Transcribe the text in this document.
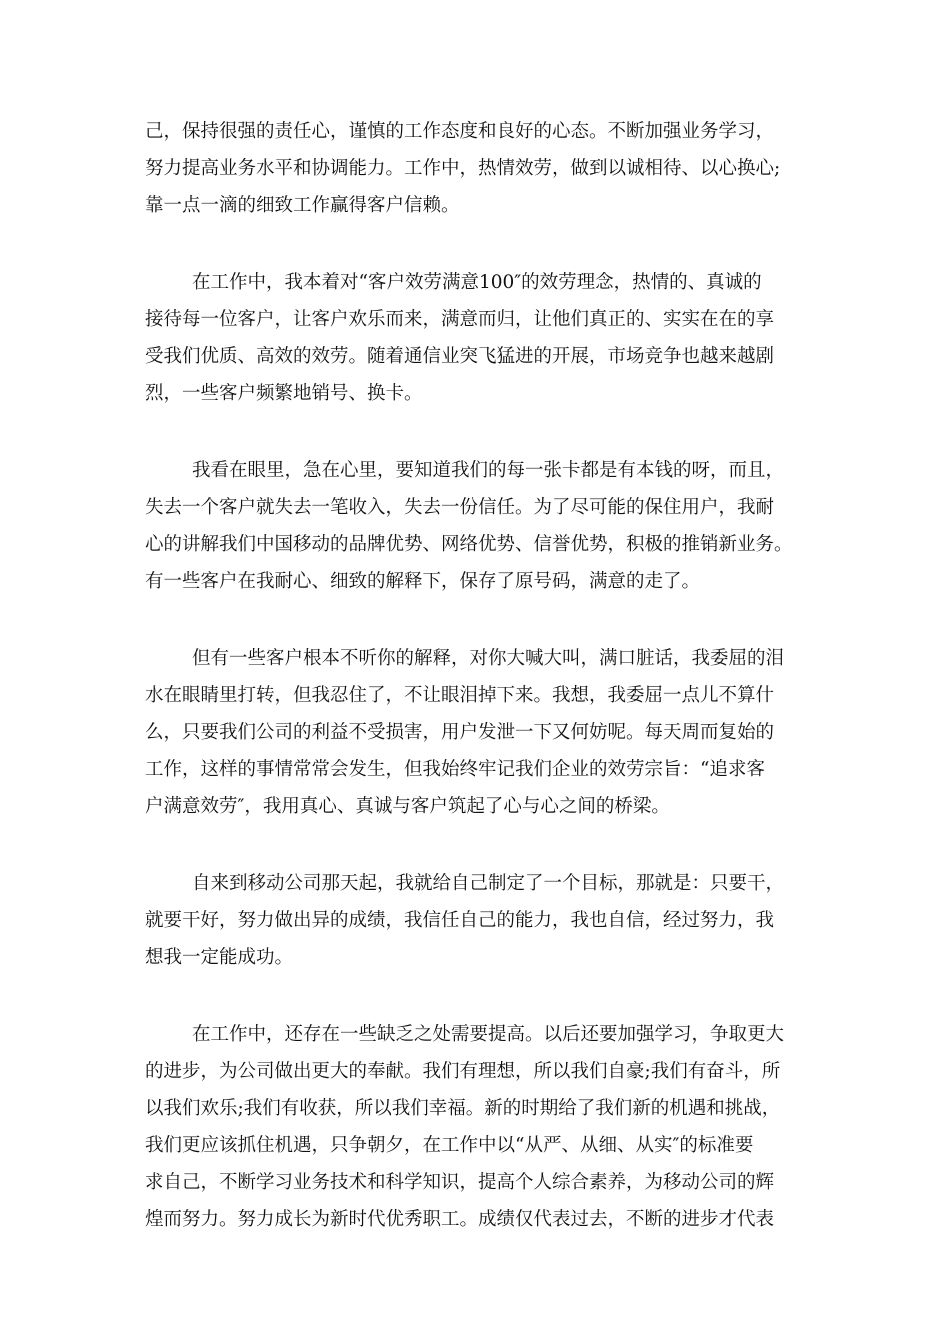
己，保持很强的责任心，谨慎的工作态度和良好的心态。不断加强业务学习，
努力提高业务水平和协调能力。工作中，热情效劳，做到以诚相待、以心换心;
靠一点一滴的细致工作赢得客户信赖。
在工作中，我本着对“客户效劳满意100″的效劳理念，热情的、真诚的
接待每一位客户，让客户欢乐而来，满意而归，让他们真正的、实实在在的享
受我们优质、高效的效劳。随着通信业突飞猛进的开展，市场竞争也越来越剧
烈，一些客户频繁地销号、换卡。
我看在眼里，急在心里，要知道我们的每一张卡都是有本钱的呀，而且，
失去一个客户就失去一笔收入，失去一份信任。为了尽可能的保住用户，我耐
心的讲解我们中国移动的品牌优势、网络优势、信誉优势，积极的推销新业务。
有一些客户在我耐心、细致的解释下，保存了原号码，满意的走了。
但有一些客户根本不听你的解释，对你大喊大叫，满口脏话，我委屈的泪
水在眼睛里打转，但我忍住了，不让眼泪掉下来。我想，我委屈一点儿不算什
么，只要我们公司的利益不受损害，用户发泄一下又何妨呢。每天周而复始的
工作，这样的事情常常会发生，但我始终牢记我们企业的效劳宗旨：“追求客
户满意效劳″，我用真心、真诚与客户筑起了心与心之间的桥梁。
自来到移动公司那天起，我就给自己制定了一个目标，那就是：只要干，
就要干好，努力做出异的成绩，我信任自己的能力，我也自信，经过努力，我
想我一定能成功。
在工作中，还存在一些缺乏之处需要提高。以后还要加强学习，争取更大
的进步，为公司做出更大的奉献。我们有理想，所以我们自豪;我们有奋斗，所
以我们欢乐;我们有收获，所以我们幸福。新的时期给了我们新的机遇和挑战，
我们更应该抓住机遇，只争朝夕，在工作中以“从严、从细、从实″的标准要
求自己，不断学习业务技术和科学知识，提高个人综合素养，为移动公司的辉
煌而努力。努力成长为新时代优秀职工。成绩仅代表过去，不断的进步才代表
